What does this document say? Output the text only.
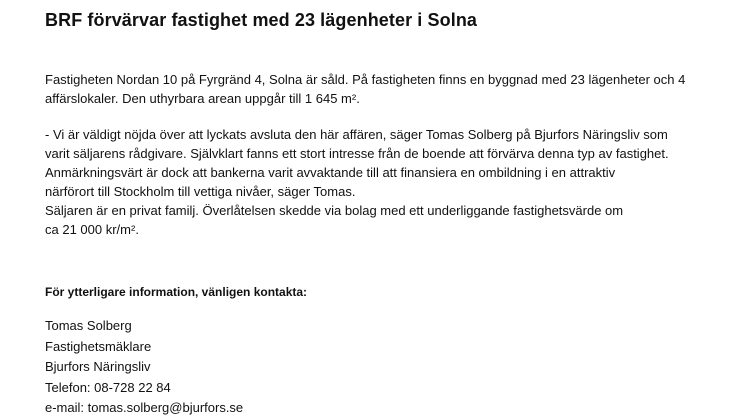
BRF förvärvar fastighet med 23 lägenheter i Solna

Fastigheten Nordan 10 på Fyrgränd 4, Solna är såld. På fastigheten finns en byggnad med 23 lägenheter och 4
affärslokaler. Den uthyrbara arean uppgår till 1 645 m².

- Vi är väldigt nöjda över att lyckats avsluta den här affären, säger Tomas Solberg på Bjurfors Näringsliv som
varit säljarens rådgivare. Självklart fanns ett stort intresse från de boende att förvärva denna typ av fastighet.
Anmärkningsvärt är dock att bankerna varit avvaktande till att finansiera en ombildning i en attraktiv
närförort till Stockholm till vettiga nivåer, säger Tomas.
Säljaren är en privat familj. Överlåtelsen skedde via bolag med ett underliggande fastighetsvärde om
ca 21 000 kr/m².

För ytterligare information, vänligen kontakta:
Tomas Solberg
Fastighetsmäklare
Bjurfors Näringsliv
Telefon: 08-728 22 84
e-mail: tomas.solberg@bjurfors.se
